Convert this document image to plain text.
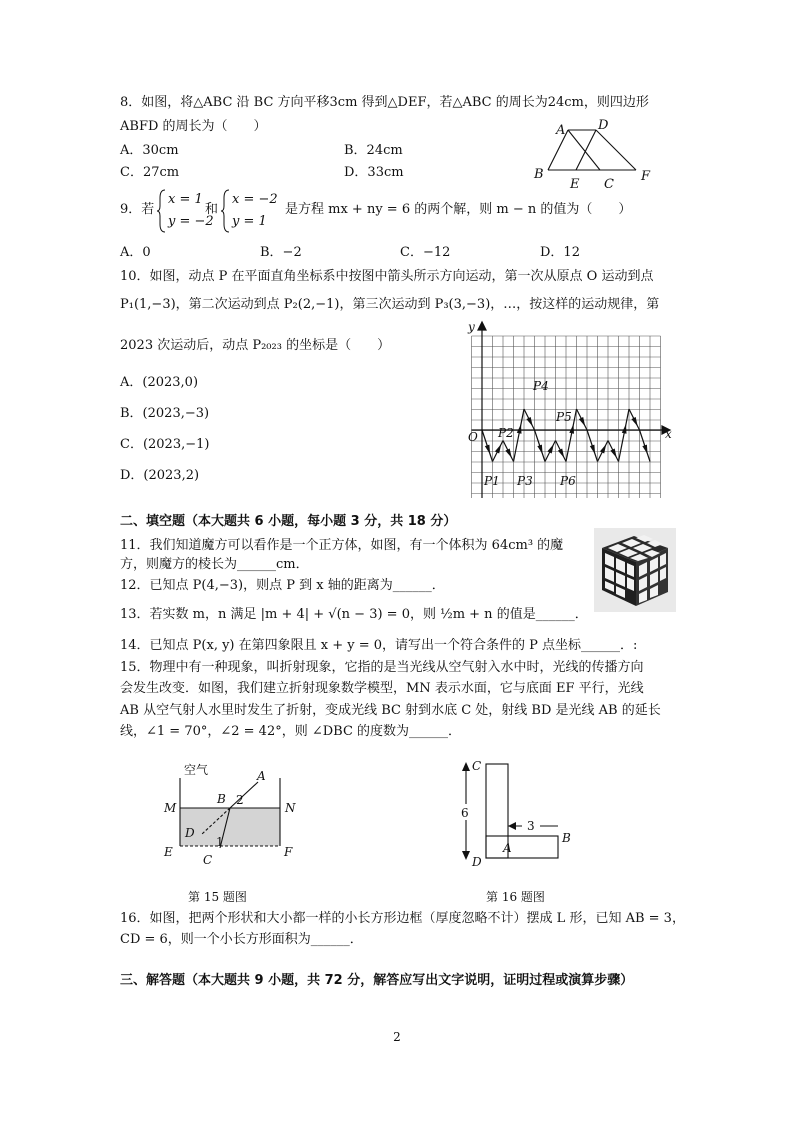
8．如图，将△ABC 沿 BC 方向平移3cm 得到△DEF，若△ABC 的周长为24cm，则四边形
ABFD 的周长为（　　）
A．30cm	B．24cm
C．27cm	D．33cm
A	D
B
E C
F
9．若
x = 1
y = −2
和
x = −2
y = 1
是方程 mx + ny = 6 的两个解，则 m − n 的值为（　　）
A．0	B．−2	C．−12	D．12
10．如图，动点 P 在平面直角坐标系中按图中箭头所示方向运动，第一次从原点 O 运动到点
P₁(1,−3)，第二次运动到点 P₂(2,−1)，第三次运动到 P₃(3,−3)，…，按这样的运动规律，第
2023 次运动后，动点 P₂₀₂₃ 的坐标是（　　）
A．(2023,0)
B．(2023,−3)
C．(2023,−1)
D．(2023,2)
O	x
y
P1
P2
P3
P4
P5
P6
二、填空题（本大题共 6 小题，每小题 3 分，共 18 分）
11．我们知道魔方可以看作是一个正方体，如图，有一个体积为 64cm³ 的魔
方，则魔方的棱长为______cm．
12．已知点 P(4,−3)，则点 P 到 x 轴的距离为______．
13．若实数 m，n 满足 |m + 4| + √(n − 3) = 0，则 ½m + n 的值是______．
14．已知点 P(x, y) 在第四象限且 x + y = 0，请写出一个符合条件的 P 点坐标______．:
15．物理中有一种现象，叫折射现象，它指的是当光线从空气射入水中时，光线的传播方向
会发生改变．如图，我们建立折射现象数学模型，MN 表示水面，它与底面 EF 平行，光线
AB 从空气射人水里时发生了折射，变成光线 BC 射到水底 C 处，射线 BD 是光线 AB 的延长
线，∠1 = 70°，∠2 = 42°，则 ∠DBC 的度数为______．
空气	A
B 2
M	N
D
1
E	F
C
C
D
6
3
A
B
第 15 题图	第 16 题图
16．如图，把两个形状和大小都一样的小长方形边框（厚度忽略不计）摆成 L 形，已知 AB = 3，
CD = 6，则一个小长方形面积为______．
三、解答题（本大题共 9 小题，共 72 分，解答应写出文字说明，证明过程或演算步骤）
2
